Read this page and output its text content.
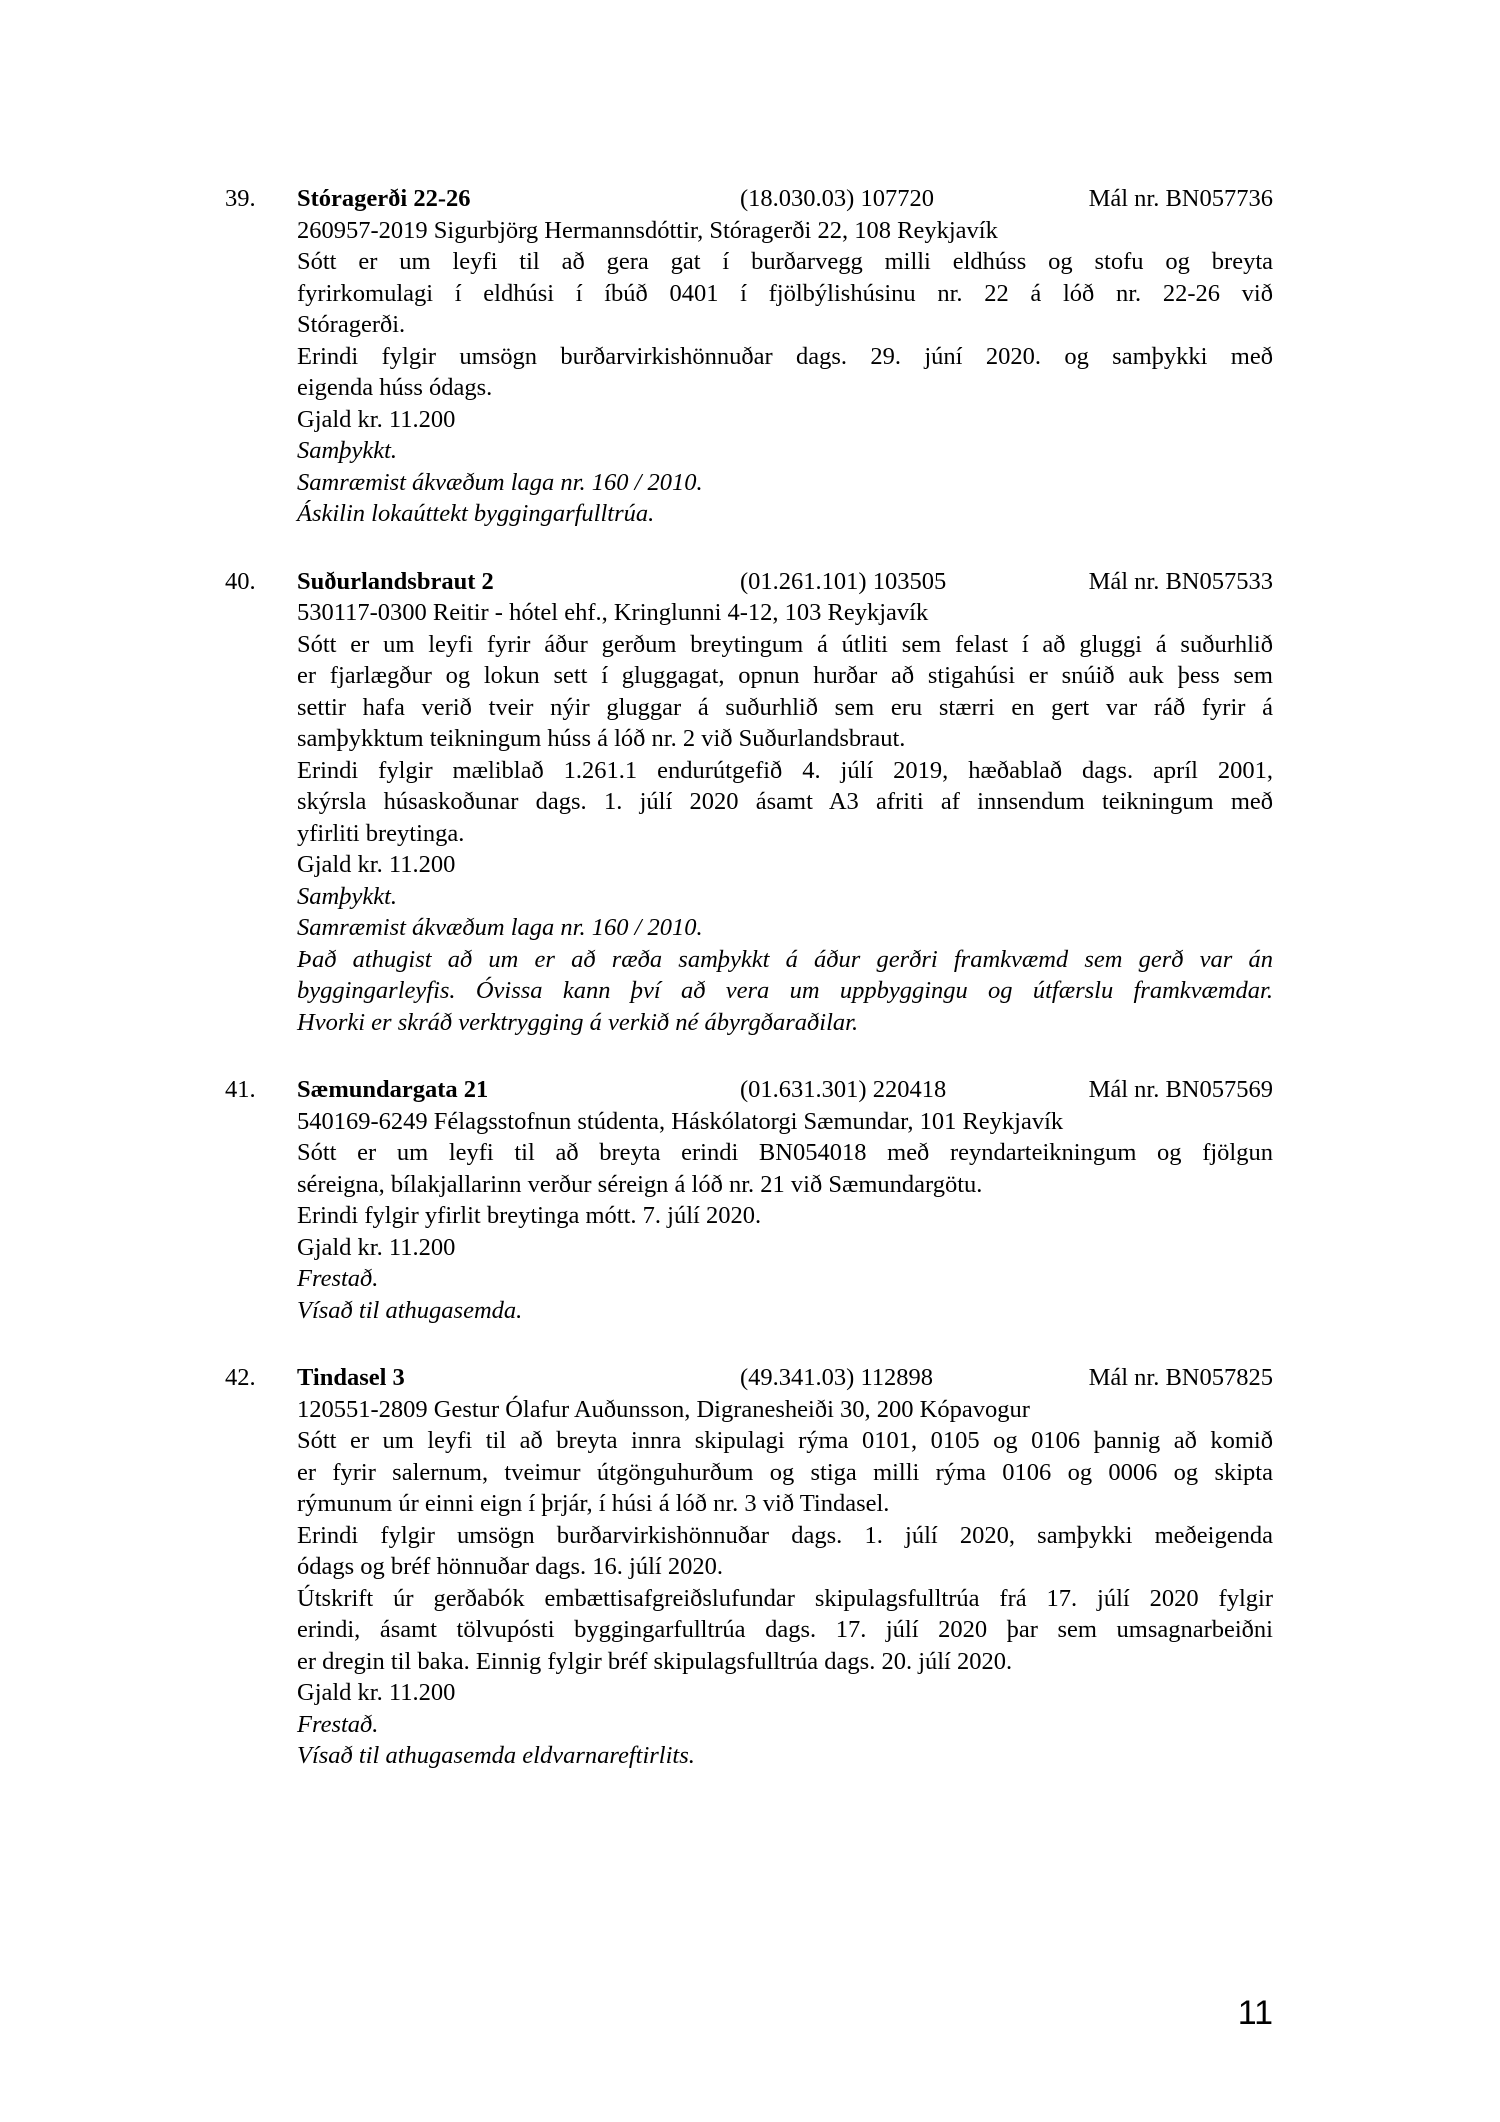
39. Stóragerði 22-26	(18.030.03) 107720	Mál nr. BN057736
260957-2019 Sigurbjörg Hermannsdóttir, Stóragerði 22, 108 Reykjavík
Sótt er um leyfi til að gera gat í burðarvegg milli eldhúss og stofu og breyta
fyrirkomulagi í eldhúsi í íbúð 0401 í fjölbýlishúsinu nr. 22 á lóð nr. 22-26 við
Stóragerði.
Erindi fylgir umsögn burðarvirkishönnuðar dags. 29. júní 2020. og samþykki með
eigenda húss ódags.
Gjald kr. 11.200
Samþykkt.
Samræmist ákvæðum laga nr. 160 / 2010.
Áskilin lokaúttekt byggingarfulltrúa.
40. Suðurlandsbraut 2	(01.261.101) 103505	Mál nr. BN057533
530117-0300 Reitir - hótel ehf., Kringlunni 4-12, 103 Reykjavík
Sótt er um leyfi fyrir áður gerðum breytingum á útliti sem felast í að gluggi á suðurhlið
er fjarlægður og lokun sett í gluggagat, opnun hurðar að stigahúsi er snúið auk þess sem
settir hafa verið tveir nýir gluggar á suðurhlið sem eru stærri en gert var ráð fyrir á
samþykktum teikningum húss á lóð nr. 2 við Suðurlandsbraut.
Erindi fylgir mæliblað 1.261.1 endurútgefið 4. júlí 2019, hæðablað dags. apríl 2001,
skýrsla húsaskoðunar dags. 1. júlí 2020 ásamt A3 afriti af innsendum teikningum með
yfirliti breytinga.
Gjald kr. 11.200
Samþykkt.
Samræmist ákvæðum laga nr. 160 / 2010.
Það athugist að um er að ræða samþykkt á áður gerðri framkvæmd sem gerð var án
byggingarleyfis. Óvissa kann því að vera um uppbyggingu og útfærslu framkvæmdar.
Hvorki er skráð verktrygging á verkið né ábyrgðaraðilar.
41. Sæmundargata 21	(01.631.301) 220418	Mál nr. BN057569
540169-6249 Félagsstofnun stúdenta, Háskólatorgi Sæmundar, 101 Reykjavík
Sótt er um leyfi til að breyta erindi BN054018 með reyndarteikningum og fjölgun
séreigna, bílakjallarinn verður séreign á lóð nr. 21 við Sæmundargötu.
Erindi fylgir yfirlit breytinga mótt. 7. júlí 2020.
Gjald kr. 11.200
Frestað.
Vísað til athugasemda.
42. Tindasel 3	(49.341.03) 112898	Mál nr. BN057825
120551-2809 Gestur Ólafur Auðunsson, Digranesheiði 30, 200 Kópavogur
Sótt er um leyfi til að breyta innra skipulagi rýma 0101, 0105 og 0106 þannig að komið
er fyrir salernum, tveimur útgönguhurðum og stiga milli rýma 0106 og 0006 og skipta
rýmunum úr einni eign í þrjár, í húsi á lóð nr. 3 við Tindasel.
Erindi fylgir umsögn burðarvirkishönnuðar dags. 1. júlí 2020, samþykki meðeigenda
ódags og bréf hönnuðar dags. 16. júlí 2020.
Útskrift úr gerðabók embættisafgreiðslufundar skipulagsfulltrúa frá 17. júlí 2020 fylgir
erindi, ásamt tölvupósti byggingarfulltrúa dags. 17. júlí 2020 þar sem umsagnarbeiðni
er dregin til baka. Einnig fylgir bréf skipulagsfulltrúa dags. 20. júlí 2020.
Gjald kr. 11.200
Frestað.
Vísað til athugasemda eldvarnareftirlits.
11
